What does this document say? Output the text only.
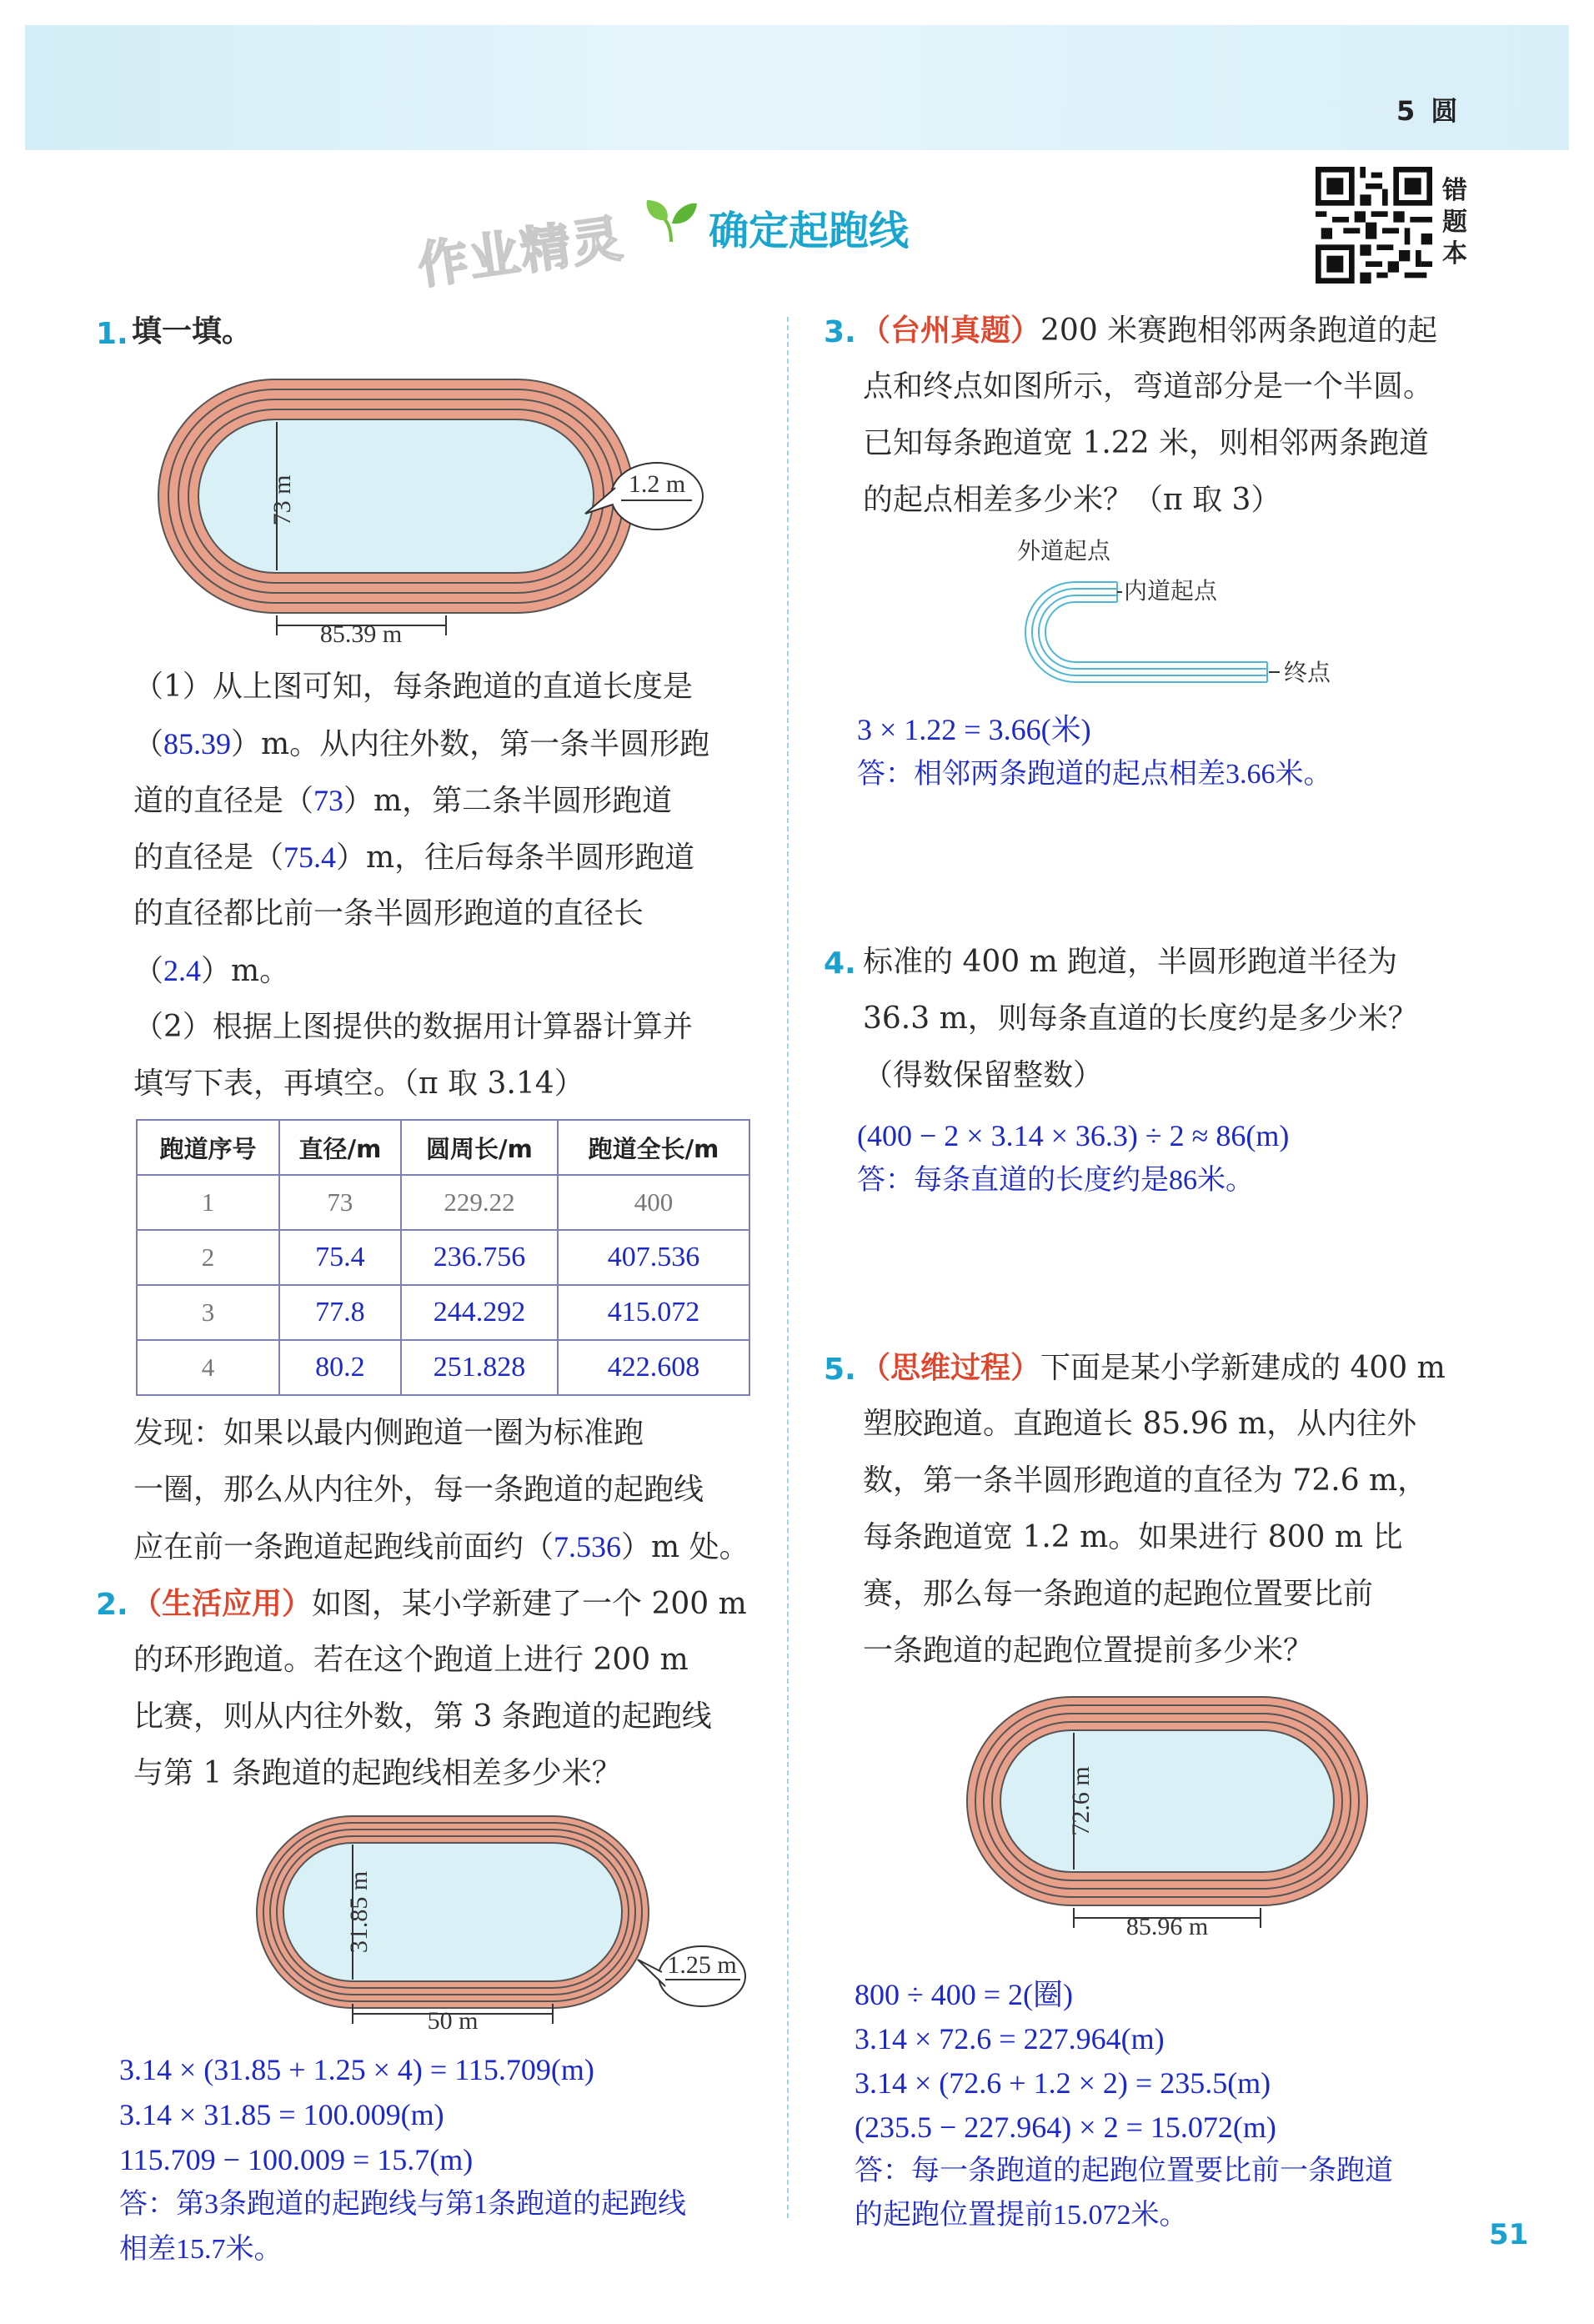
5 圆
作业精灵 确定起跑线
错题本
1. 填一填。
73 m
85.39 m
1.2 m
（1）从上图可知，每条跑道的直道长度是
（85.39）m。从内往外数，第一条半圆形跑
道的直径是（73）m，第二条半圆形跑道
的直径是（75.4）m，往后每条半圆形跑道
的直径都比前一条半圆形跑道的直径长
（2.4）m。
（2）根据上图提供的数据用计算器计算并
填写下表，再填空。（π 取 3.14）
跑道序号	直径/m	圆周长/m	跑道全长/m
1	73	229.22	400
2	75.4	236.756	407.536
3	77.8	244.292	415.072
4	80.2	251.828	422.608
发现：如果以最内侧跑道一圈为标准跑
一圈，那么从内往外，每一条跑道的起跑线
应在前一条跑道起跑线前面约（7.536）m 处。
2. （生活应用）如图，某小学新建了一个 200 m
的环形跑道。若在这个跑道上进行 200 m
比赛，则从内往外数，第 3 条跑道的起跑线
与第 1 条跑道的起跑线相差多少米？
31.85 m
50 m
1.25 m
3.14 × (31.85 + 1.25 × 4) = 115.709(m)
3.14 × 31.85 = 100.009(m)
115.709 − 100.009 = 15.7(m)
答：第3条跑道的起跑线与第1条跑道的起跑线
相差15.7米。
3. （台州真题）200 米赛跑相邻两条跑道的起
点和终点如图所示，弯道部分是一个半圆。
已知每条跑道宽 1.22 米，则相邻两条跑道
的起点相差多少米？（π 取 3）
外道起点
内道起点
终点
3 × 1.22 = 3.66(米)
答：相邻两条跑道的起点相差3.66米。
4. 标准的 400 m 跑道，半圆形跑道半径为
36.3 m，则每条直道的长度约是多少米？
（得数保留整数）
(400 − 2 × 3.14 × 36.3) ÷ 2 ≈ 86(m)
答：每条直道的长度约是86米。
5. （思维过程）下面是某小学新建成的 400 m
塑胶跑道。直跑道长 85.96 m，从内往外
数，第一条半圆形跑道的直径为 72.6 m，
每条跑道宽 1.2 m。如果进行 800 m 比
赛，那么每一条跑道的起跑位置要比前
一条跑道的起跑位置提前多少米？
72.6 m
85.96 m
800 ÷ 400 = 2(圈)
3.14 × 72.6 = 227.964(m)
3.14 × (72.6 + 1.2 × 2) = 235.5(m)
(235.5 − 227.964) × 2 = 15.072(m)
答：每一条跑道的起跑位置要比前一条跑道
的起跑位置提前15.072米。
51
